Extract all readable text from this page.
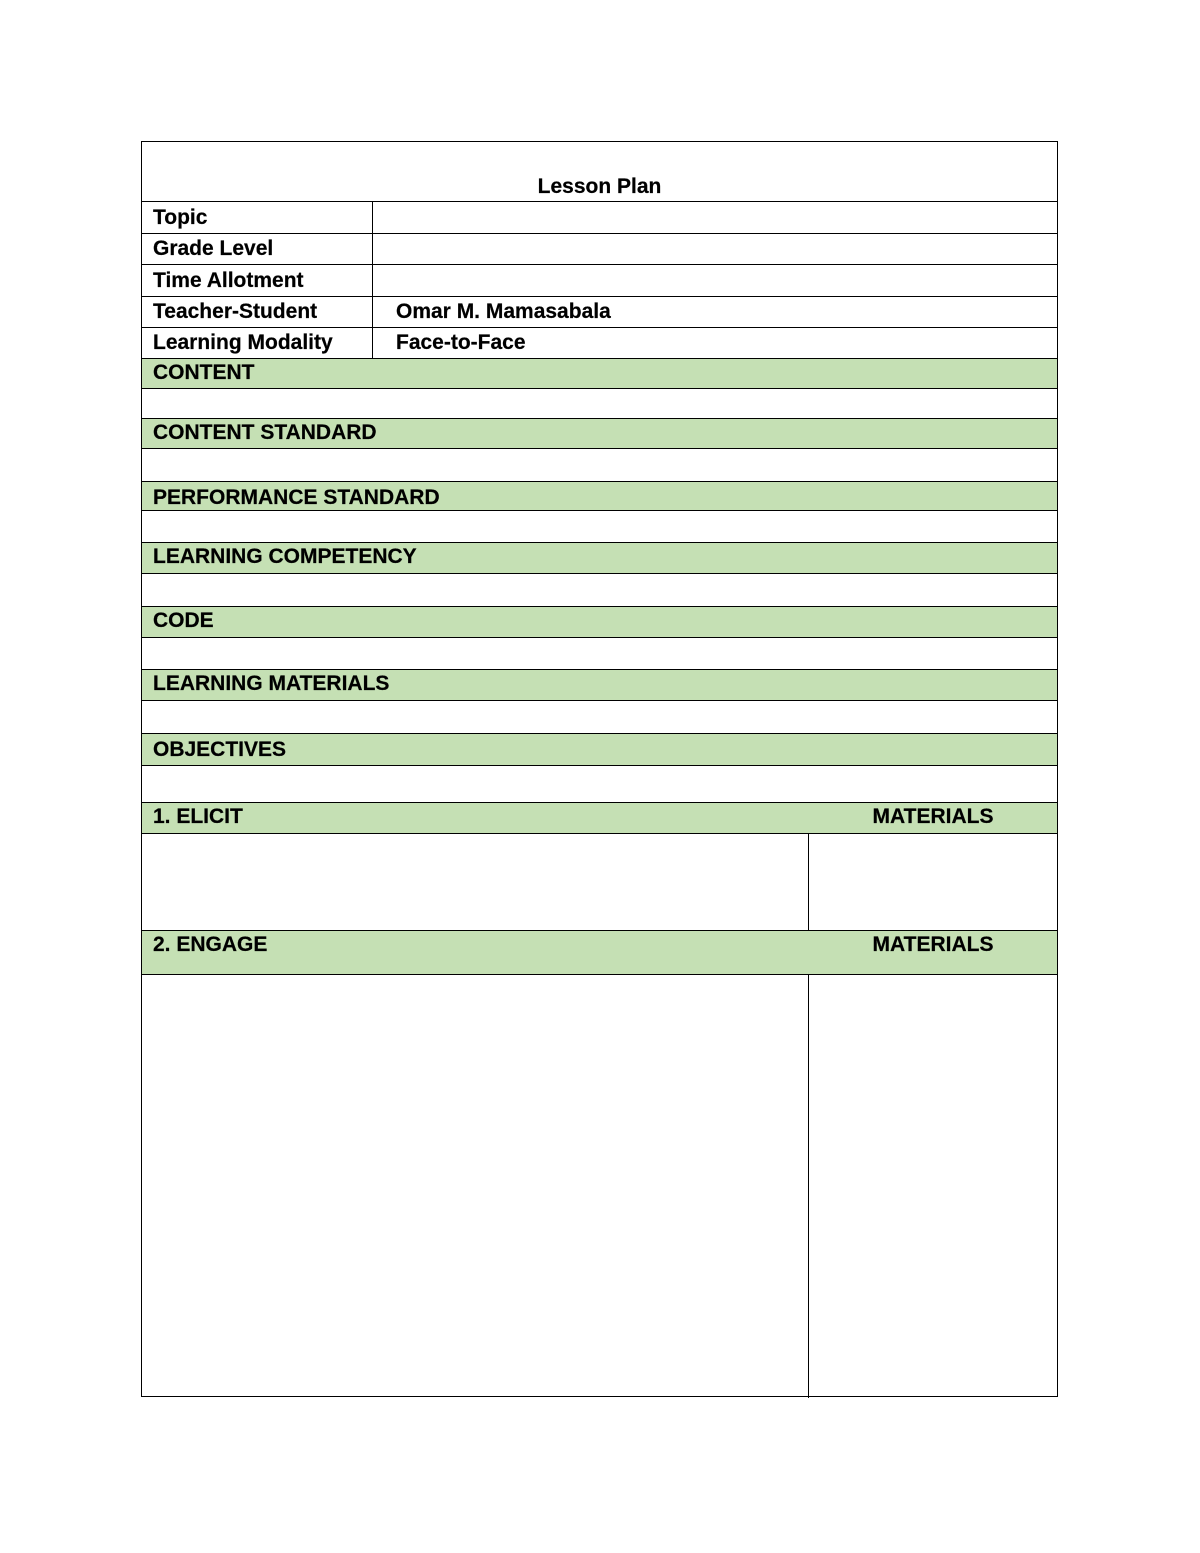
Lesson Plan
Topic
Grade Level
Time Allotment
Teacher-Student	Omar M. Mamasabala
Learning Modality	Face-to-Face
CONTENT
CONTENT STANDARD
PERFORMANCE STANDARD
LEARNING COMPETENCY
CODE
LEARNING MATERIALS
OBJECTIVES
1. ELICIT	MATERIALS
2. ENGAGE	MATERIALS
